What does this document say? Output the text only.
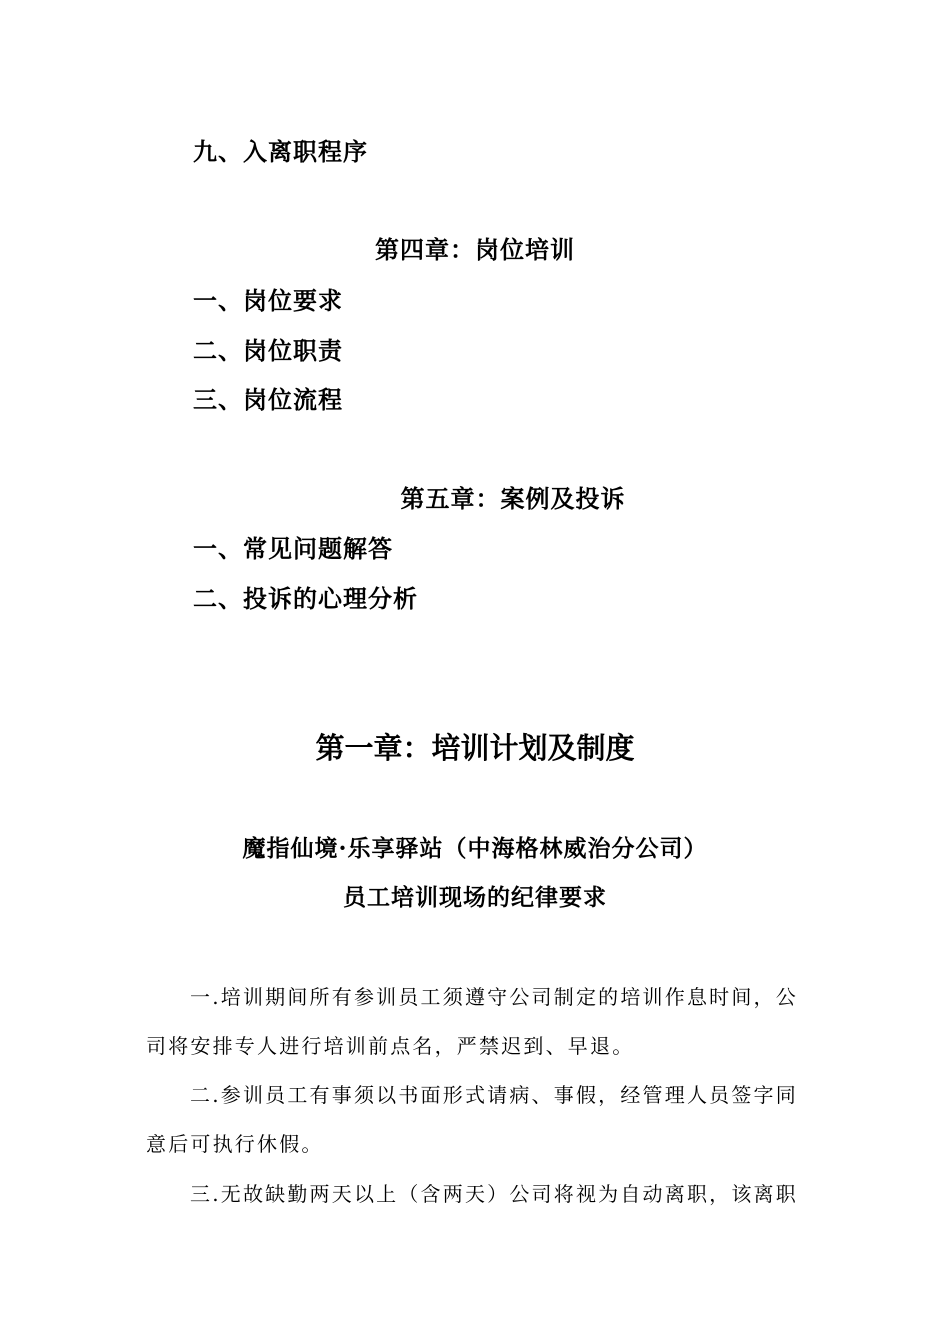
九、入离职程序
第四章：岗位培训
一、岗位要求
二、岗位职责
三、岗位流程
第五章：案例及投诉
一、常见问题解答
二、投诉的心理分析
第一章：培训计划及制度
魔指仙境·乐享驿站（中海格林威治分公司）
员工培训现场的纪律要求
一.培训期间所有参训员工须遵守公司制定的培训作息时间，公
司将安排专人进行培训前点名，严禁迟到、早退。
二.参训员工有事须以书面形式请病、事假，经管理人员签字同
意后可执行休假。
三.无故缺勤两天以上（含两天）公司将视为自动离职，该离职
